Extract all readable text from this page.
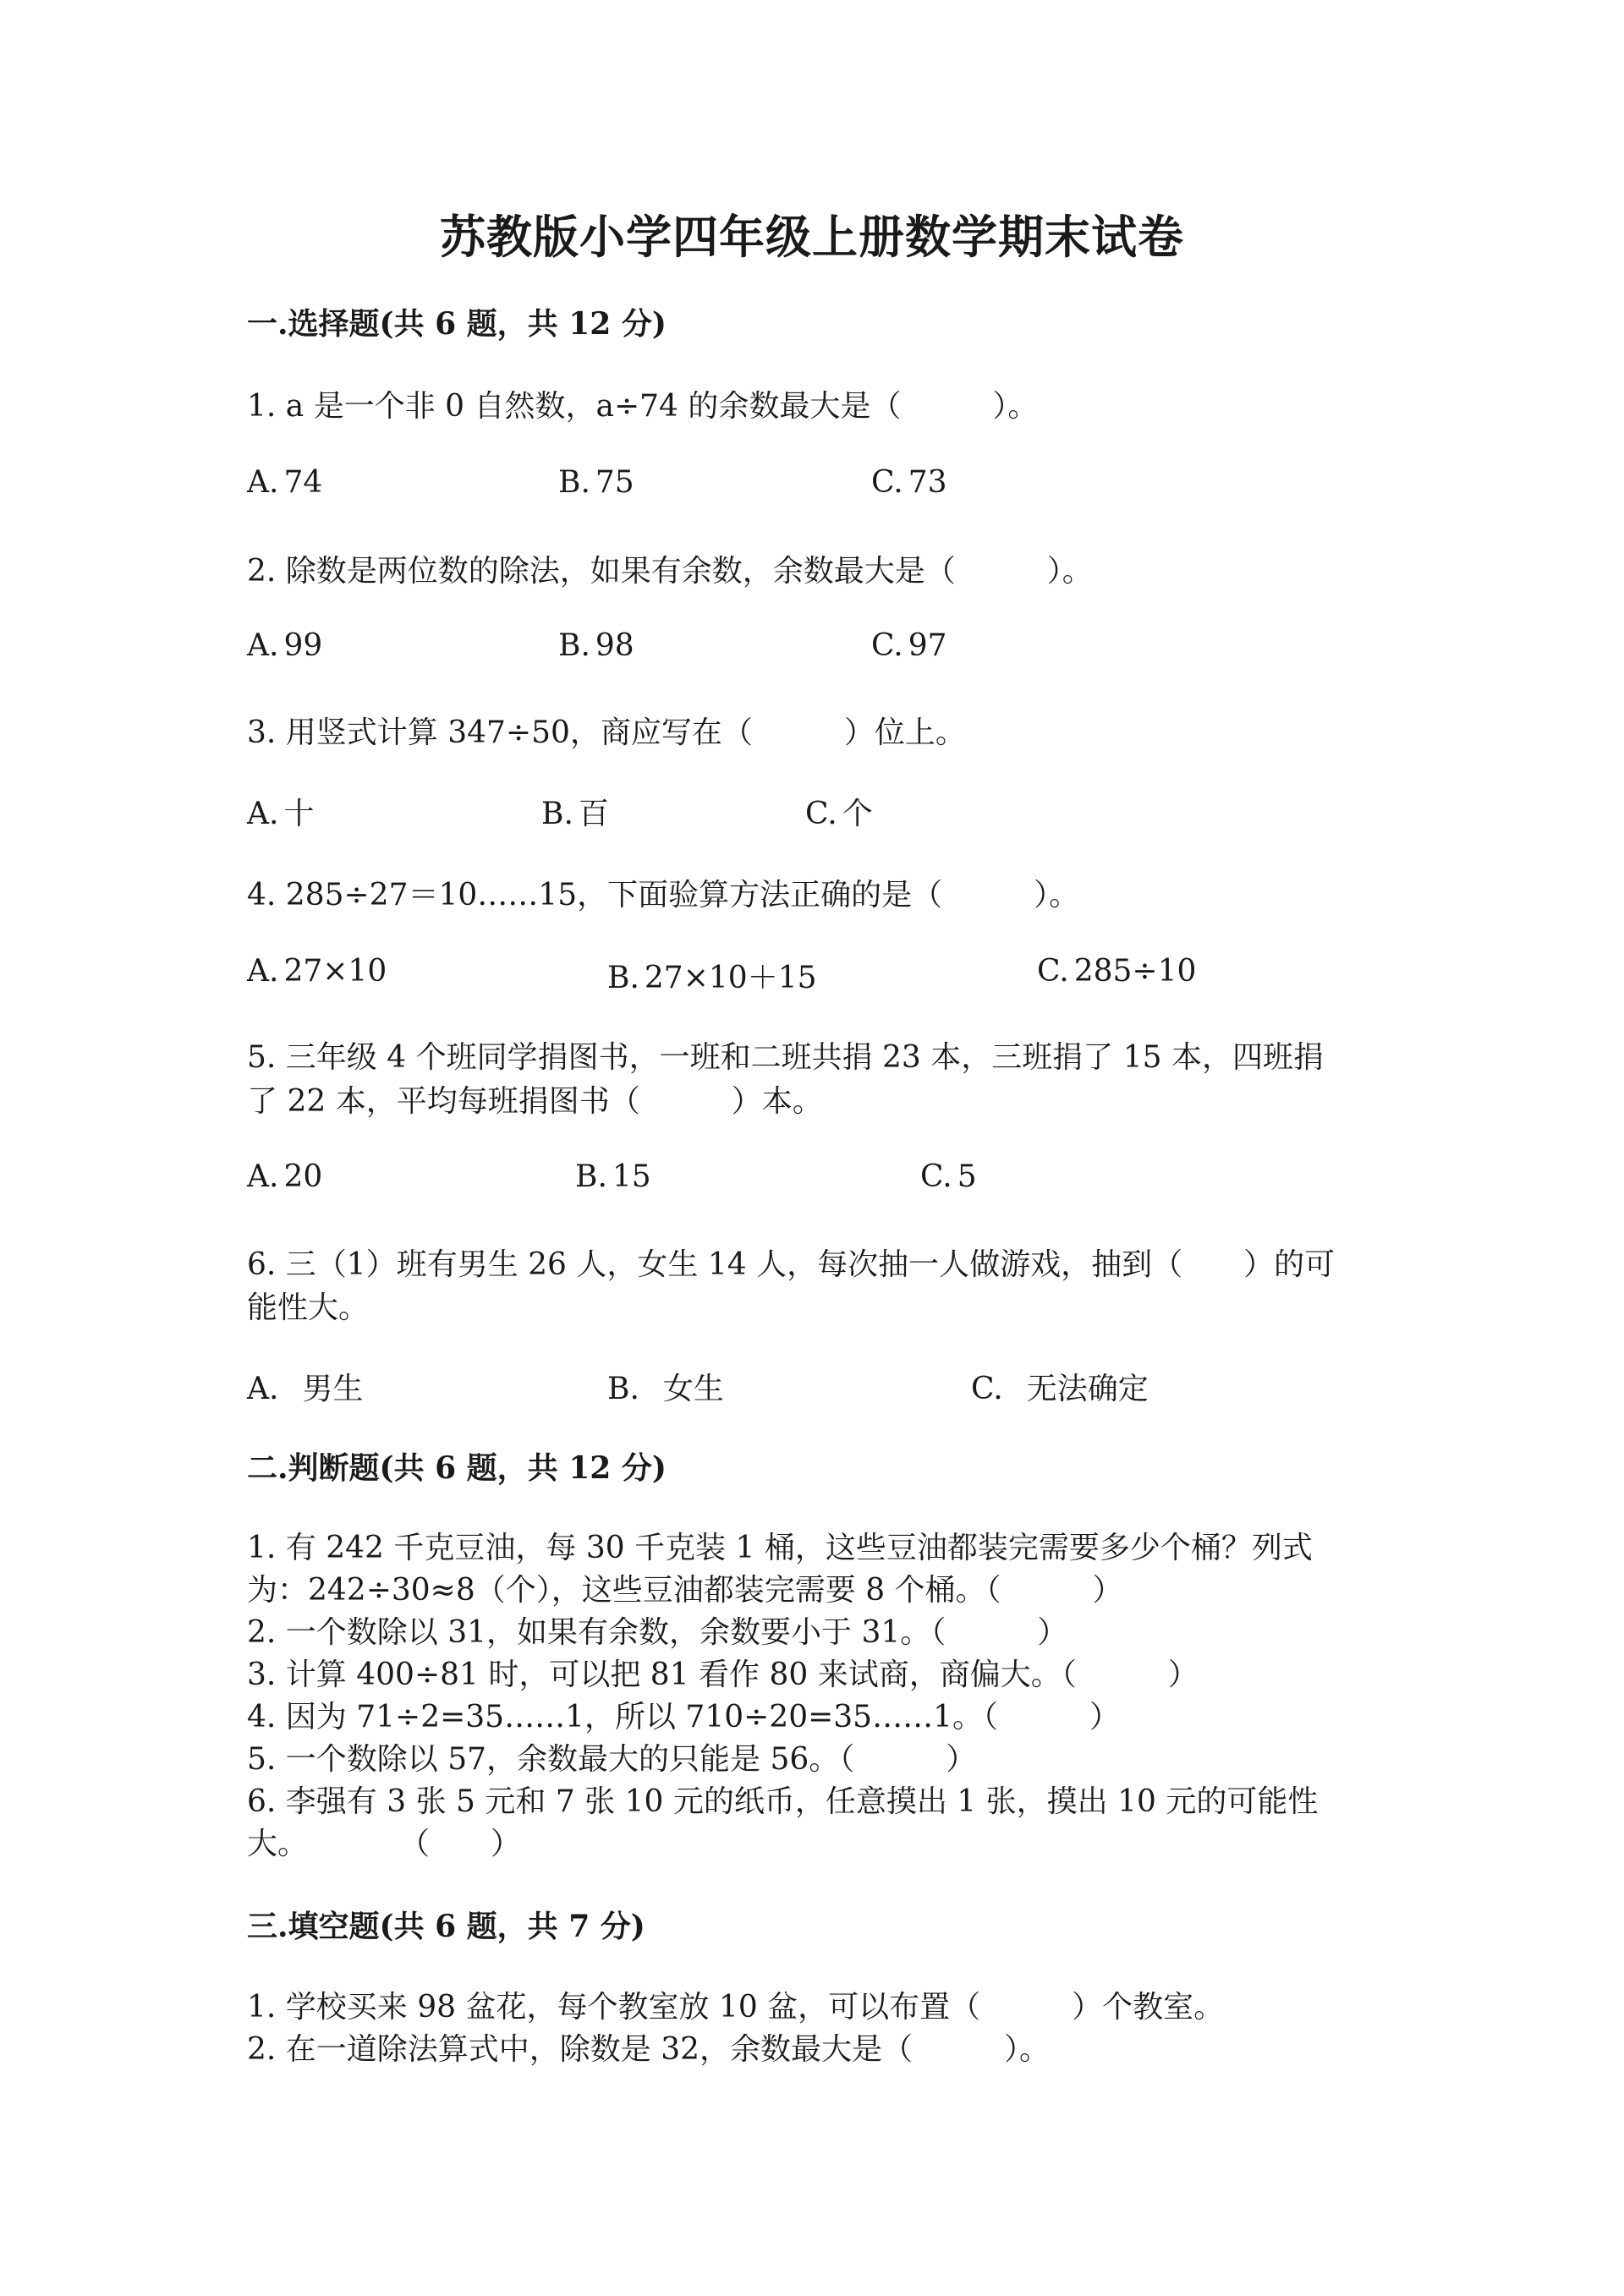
苏教版小学四年级上册数学期末试卷
一.选择题(共 6 题，共 12 分)
1. a 是一个非 0 自然数，a÷74 的余数最大是（　　　）。
A. 74	B. 75	C. 73
2. 除数是两位数的除法，如果有余数，余数最大是（　　　）。
A. 99	B. 98	C. 97
3. 用竖式计算 347÷50，商应写在（　　　）位上。
A. 十	B. 百	C. 个
4. 285÷27＝10……15，下面验算方法正确的是（　　　）。
A. 27×10	B. 27×10＋15	C. 285÷10
5. 三年级 4 个班同学捐图书，一班和二班共捐 23 本，三班捐了 15 本，四班捐
了 22 本，平均每班捐图书（　　　）本。
A. 20	B. 15	C. 5
6. 三（1）班有男生 26 人，女生 14 人，每次抽一人做游戏，抽到（　　）的可
能性大。
A. 男生	B. 女生	C. 无法确定
二.判断题(共 6 题，共 12 分)
1. 有 242 千克豆油，每 30 千克装 1 桶，这些豆油都装完需要多少个桶？列式
为：242÷30≈8（个），这些豆油都装完需要 8 个桶。（　　　）
2. 一个数除以 31，如果有余数，余数要小于 31。（　　　）
3. 计算 400÷81 时，可以把 81 看作 80 来试商，商偏大。（　　　）
4. 因为 71÷2=35……1，所以 710÷20=35……1。（　　　）
5. 一个数除以 57，余数最大的只能是 56。（　　　）
6. 李强有 3 张 5 元和 7 张 10 元的纸币，任意摸出 1 张，摸出 10 元的可能性
大。　　　　（　　）
三.填空题(共 6 题，共 7 分)
1. 学校买来 98 盆花，每个教室放 10 盆，可以布置（　　　）个教室。
2. 在一道除法算式中，除数是 32，余数最大是（　　　）。
